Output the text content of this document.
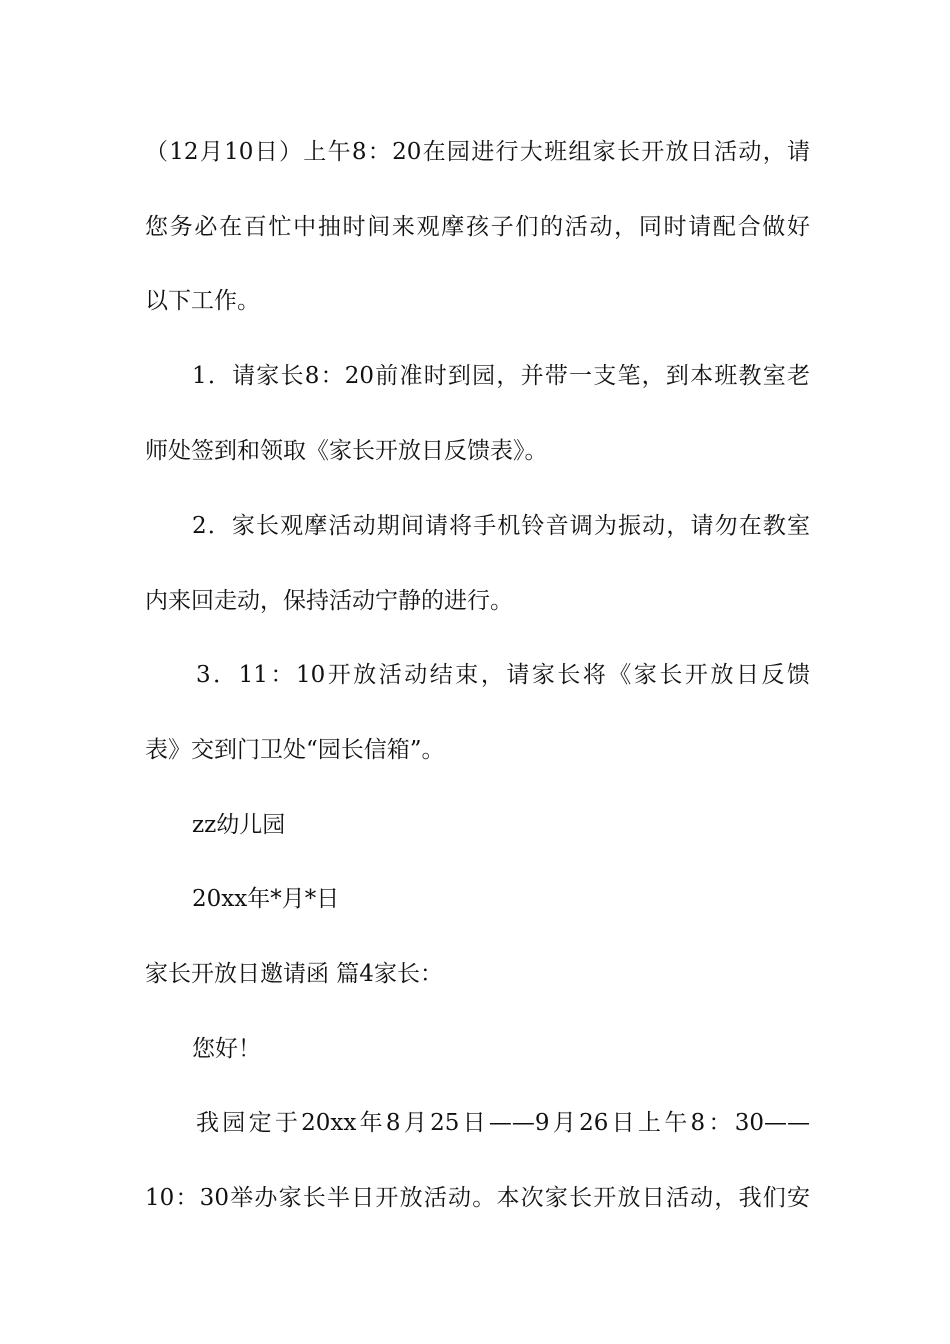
（12月10日）上午8：20在园进行大班组家长开放日活动，请
您务必在百忙中抽时间来观摩孩子们的活动，同时请配合做好
以下工作。
1．请家长8：20前准时到园，并带一支笔，到本班教室老
师处签到和领取《家长开放日反馈表》。
2．家长观摩活动期间请将手机铃音调为振动，请勿在教室
内来回走动，保持活动宁静的进行。
3．11：10开放活动结束，请家长将《家长开放日反馈
表》交到门卫处“园长信箱”。
zz幼儿园
20xx年*月*日
家长开放日邀请函 篇4家长：
您好！
我园定于20xx年8月25日——9月26日上午8：30——
10：30举办家长半日开放活动。本次家长开放日活动，我们安
